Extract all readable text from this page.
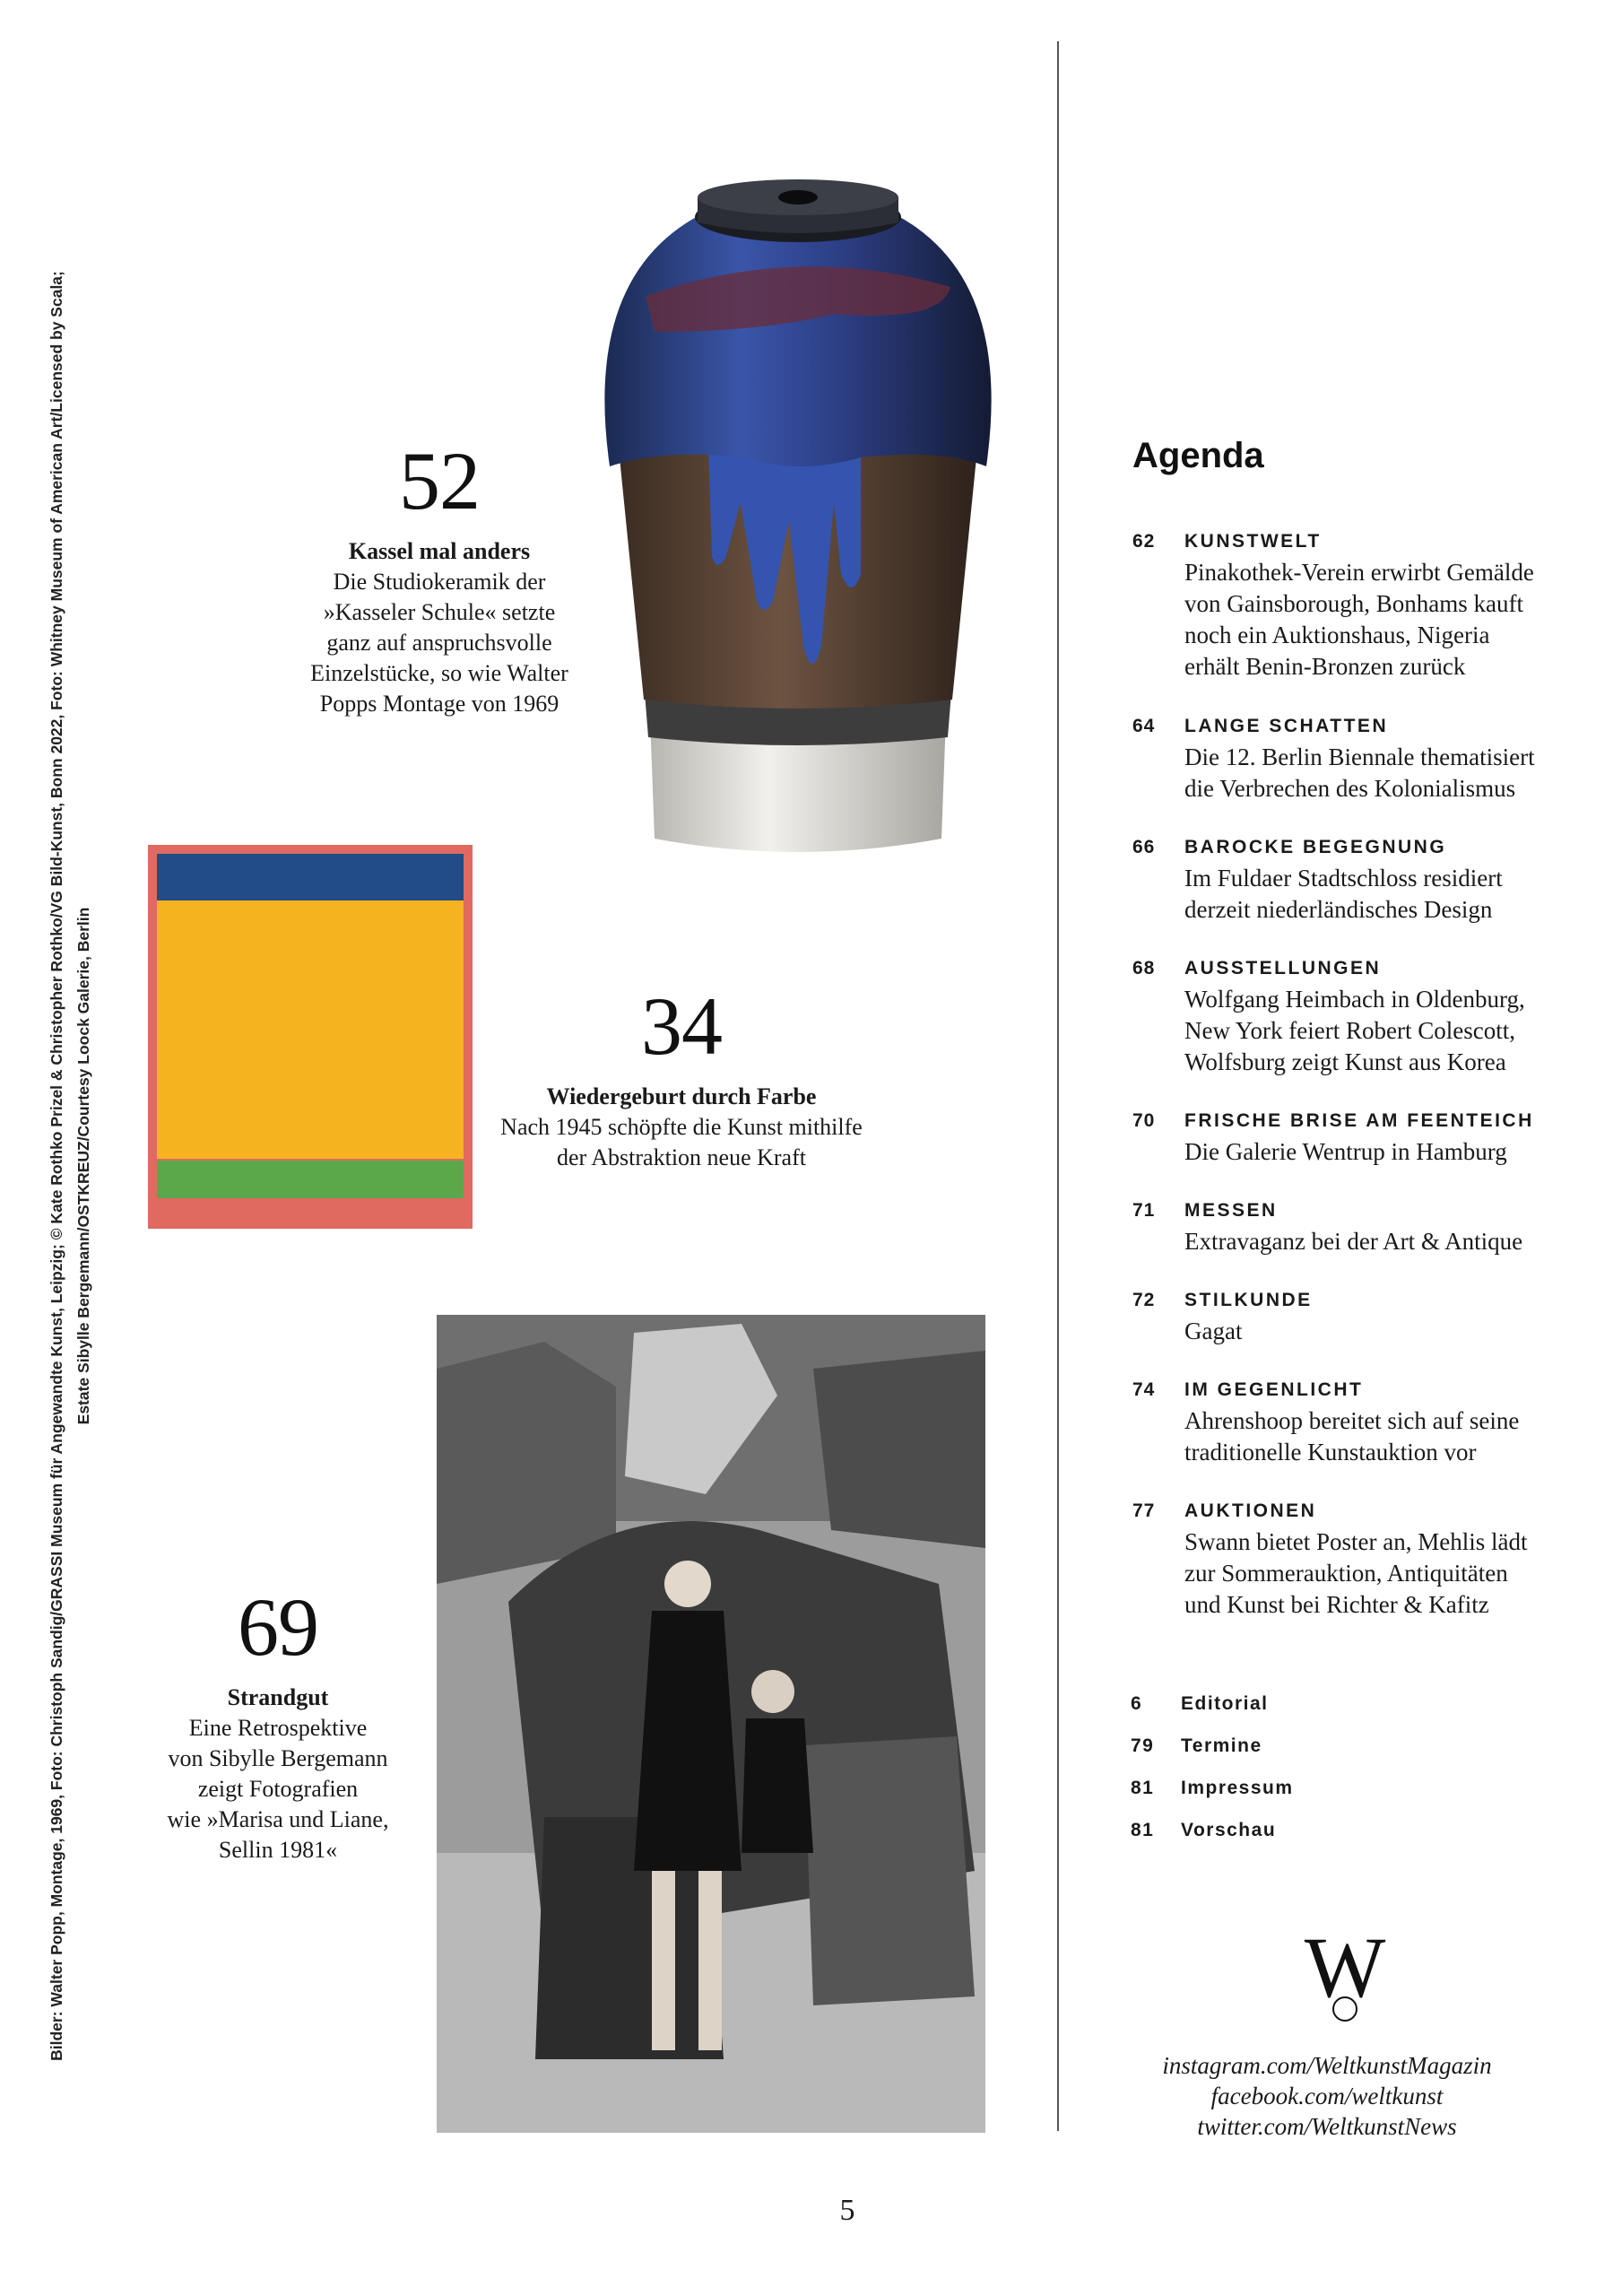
Bilder: Walter Popp, Montage, 1969, Foto: Christoph Sandig/GRASSI Museum für Angewandte Kunst, Leipzig; © Kate Rothko Prizel & Christopher Rothko/VG Bild-Kunst, Bonn 2022, Foto: Whitney Museum of American Art/Licensed by Scala; Estate Sibylle Bergemann/OSTKREUZ/Courtesy Loock Galerie, Berlin
52
Kassel mal anders
Die Studiokeramik der
»Kasseler Schule« setzte
ganz auf anspruchsvolle
Einzelstücke, so wie Walter
Popps Montage von 1969
34
Wiedergeburt durch Farbe
Nach 1945 schöpfte die Kunst mithilfe
der Abstraktion neue Kraft
69
Strandgut
Eine Retrospektive
von Sibylle Bergemann
zeigt Fotografien
wie »Marisa und Liane,
Sellin 1981«
Agenda
62 KUNSTWELT
Pinakothek-Verein erwirbt Gemälde
von Gainsborough, Bonhams kauft
noch ein Auktionshaus, Nigeria
erhält Benin-Bronzen zurück
64 LANGE SCHATTEN
Die 12. Berlin Biennale thematisiert
die Verbrechen des Kolonialismus
66 BAROCKE BEGEGNUNG
Im Fuldaer Stadtschloss residiert
derzeit niederländisches Design
68 AUSSTELLUNGEN
Wolfgang Heimbach in Oldenburg,
New York feiert Robert Colescott,
Wolfsburg zeigt Kunst aus Korea
70 FRISCHE BRISE AM FEENTEICH
Die Galerie Wentrup in Hamburg
71 MESSEN
Extravaganz bei der Art & Antique
72 STILKUNDE
Gagat
74 IM GEGENLICHT
Ahrenshoop bereitet sich auf seine
traditionelle Kunstauktion vor
77 AUKTIONEN
Swann bietet Poster an, Mehlis lädt
zur Sommerauktion, Antiquitäten
und Kunst bei Richter & Kafitz
6 Editorial
79 Termine
81 Impressum
81 Vorschau
W
instagram.com/WeltkunstMagazin
facebook.com/weltkunst
twitter.com/WeltkunstNews
5
